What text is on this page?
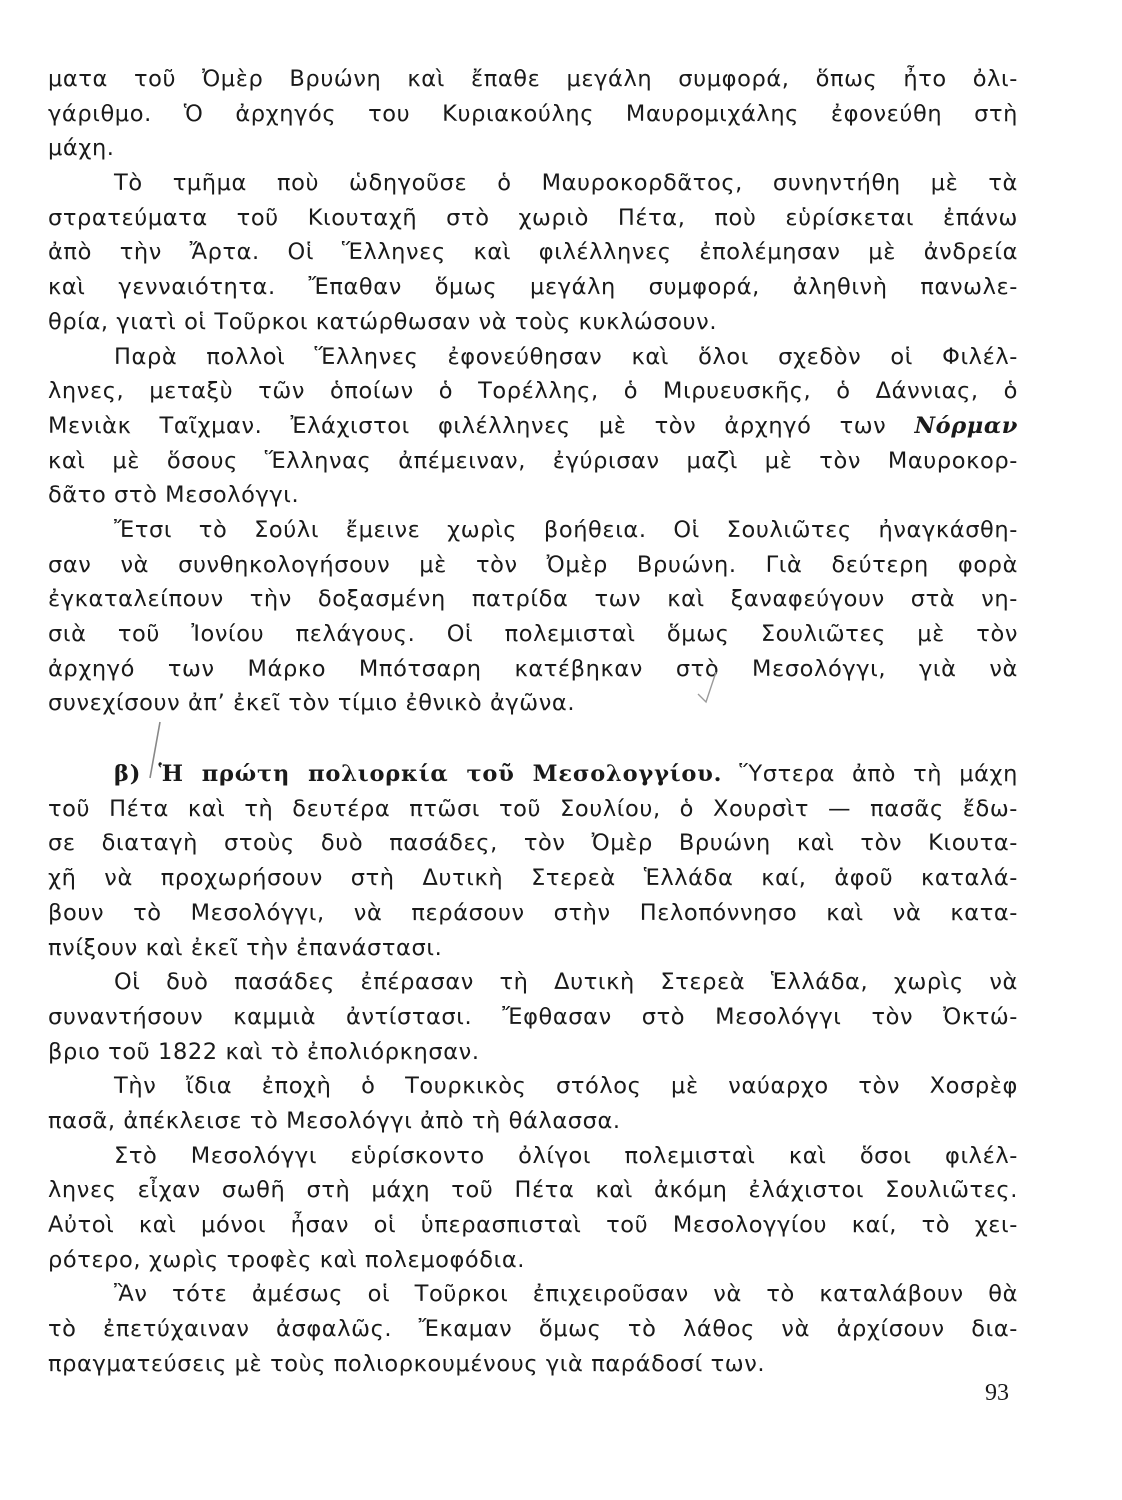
ματα τοῦ Ὀμὲρ Βρυώνη καὶ ἔπαθε μεγάλη συμφορά, ὅπως ἦτο ὀλι-
γάριθμο. Ὁ ἀρχηγός του Κυριακούλης Μαυρομιχάλης ἐφονεύθη στὴ
μάχη.
Τὸ τμῆμα ποὺ ὡδηγοῦσε ὁ Μαυροκορδᾶτος, συνηντήθη μὲ τὰ
στρατεύματα τοῦ Κιουταχῆ στὸ χωριὸ Πέτα, ποὺ εὑρίσκεται ἐπάνω
ἀπὸ τὴν Ἄρτα. Οἱ Ἕλληνες καὶ φιλέλληνες ἐπολέμησαν μὲ ἀνδρεία
καὶ γενναιότητα. Ἔπαθαν ὅμως μεγάλη συμφορά, ἀληθινὴ πανωλε-
θρία, γιατὶ οἱ Τοῦρκοι κατώρθωσαν νὰ τοὺς κυκλώσουν.
Παρὰ πολλοὶ Ἕλληνες ἐφονεύθησαν καὶ ὅλοι σχεδὸν οἱ Φιλέλ-
ληνες, μεταξὺ τῶν ὁποίων ὁ Τορέλλης, ὁ Μιρυευσκῆς, ὁ Δάννιας, ὁ
Μενιὰκ Ταῖχμαν. Ἐλάχιστοι φιλέλληνες μὲ τὸν ἀρχηγό των Νόρμαν
καὶ μὲ ὅσους Ἕλληνας ἀπέμειναν, ἐγύρισαν μαζὶ μὲ τὸν Μαυροκορ-
δᾶτο στὸ Μεσολόγγι.
Ἔτσι τὸ Σούλι ἔμεινε χωρὶς βοήθεια. Οἱ Σουλιῶτες ἠναγκάσθη-
σαν νὰ συνθηκολογήσουν μὲ τὸν Ὀμὲρ Βρυώνη. Γιὰ δεύτερη φορὰ
ἐγκαταλείπουν τὴν δοξασμένη πατρίδα των καὶ ξαναφεύγουν στὰ νη-
σιὰ τοῦ Ἰονίου πελάγους. Οἱ πολεμισταὶ ὅμως Σουλιῶτες μὲ τὸν
ἀρχηγό των Μάρκο Μπότσαρη κατέβηκαν στὸ Μεσολόγγι, γιὰ νὰ
συνεχίσουν ἀπ’ ἐκεῖ τὸν τίμιο ἐθνικὸ ἀγῶνα.
β) Ἡ πρώτη πολιορκία τοῦ Μεσολογγίου. Ὕστερα ἀπὸ τὴ μάχη
τοῦ Πέτα καὶ τὴ δευτέρα πτῶσι τοῦ Σουλίου, ὁ Χουρσὶτ — πασᾶς ἔδω-
σε διαταγὴ στοὺς δυὸ πασάδες, τὸν Ὀμὲρ Βρυώνη καὶ τὸν Κιουτα-
χῆ νὰ προχωρήσουν στὴ Δυτικὴ Στερεὰ Ἑλλάδα καί, ἀφοῦ καταλά-
βουν τὸ Μεσολόγγι, νὰ περάσουν στὴν Πελοπόννησο καὶ νὰ κατα-
πνίξουν καὶ ἐκεῖ τὴν ἐπανάστασι.
Οἱ δυὸ πασάδες ἐπέρασαν τὴ Δυτικὴ Στερεὰ Ἑλλάδα, χωρὶς νὰ
συναντήσουν καμμιὰ ἀντίστασι. Ἔφθασαν στὸ Μεσολόγγι τὸν Ὀκτώ-
βριο τοῦ 1822 καὶ τὸ ἐπολιόρκησαν.
Τὴν ἴδια ἐποχὴ ὁ Τουρκικὸς στόλος μὲ ναύαρχο τὸν Χοσρὲφ
πασᾶ, ἀπέκλεισε τὸ Μεσολόγγι ἀπὸ τὴ θάλασσα.
Στὸ Μεσολόγγι εὑρίσκοντο ὀλίγοι πολεμισταὶ καὶ ὅσοι φιλέλ-
ληνες εἶχαν σωθῆ στὴ μάχη τοῦ Πέτα καὶ ἀκόμη ἐλάχιστοι Σουλιῶτες.
Αὐτοὶ καὶ μόνοι ἦσαν οἱ ὑπερασπισταὶ τοῦ Μεσολογγίου καί, τὸ χει-
ρότερο, χωρὶς τροφὲς καὶ πολεμοφόδια.
Ἂν τότε ἀμέσως οἱ Τοῦρκοι ἐπιχειροῦσαν νὰ τὸ καταλάβουν θὰ
τὸ ἐπετύχαιναν ἀσφαλῶς. Ἔκαμαν ὅμως τὸ λάθος νὰ ἀρχίσουν δια-
πραγματεύσεις μὲ τοὺς πολιορκουμένους γιὰ παράδοσί των.
93
